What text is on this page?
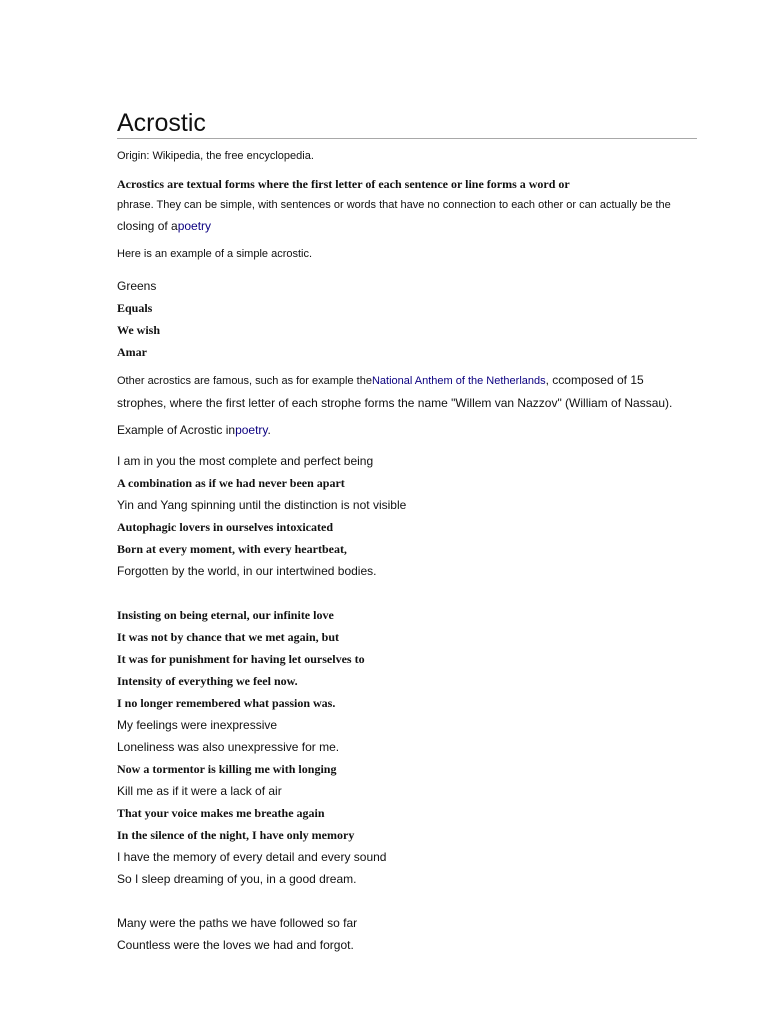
Acrostic
Origin: Wikipedia, the free encyclopedia.
Acrostics are textual forms where the first letter of each sentence or line forms a word or
phrase. They can be simple, with sentences or words that have no connection to each other or can actually be the
closing of apoetry
Here is an example of a simple acrostic.
Greens
Equals
We wish
Amar
Other acrostics are famous, such as for example theNational Anthem of the Netherlands, ccomposed of 15
strophes, where the first letter of each strophe forms the name "Willem van Nazzov" (William of Nassau).
Example of Acrostic inpoetry.
I am in you the most complete and perfect being
A combination as if we had never been apart
Yin and Yang spinning until the distinction is not visible
Autophagic lovers in ourselves intoxicated
Born at every moment, with every heartbeat,
Forgotten by the world, in our intertwined bodies.
Insisting on being eternal, our infinite love
It was not by chance that we met again, but
It was for punishment for having let ourselves to
Intensity of everything we feel now.
I no longer remembered what passion was.
My feelings were inexpressive
Loneliness was also unexpressive for me.
Now a tormentor is killing me with longing
Kill me as if it were a lack of air
That your voice makes me breathe again
In the silence of the night, I have only memory
I have the memory of every detail and every sound
So I sleep dreaming of you, in a good dream.
Many were the paths we have followed so far
Countless were the loves we had and forgot.
